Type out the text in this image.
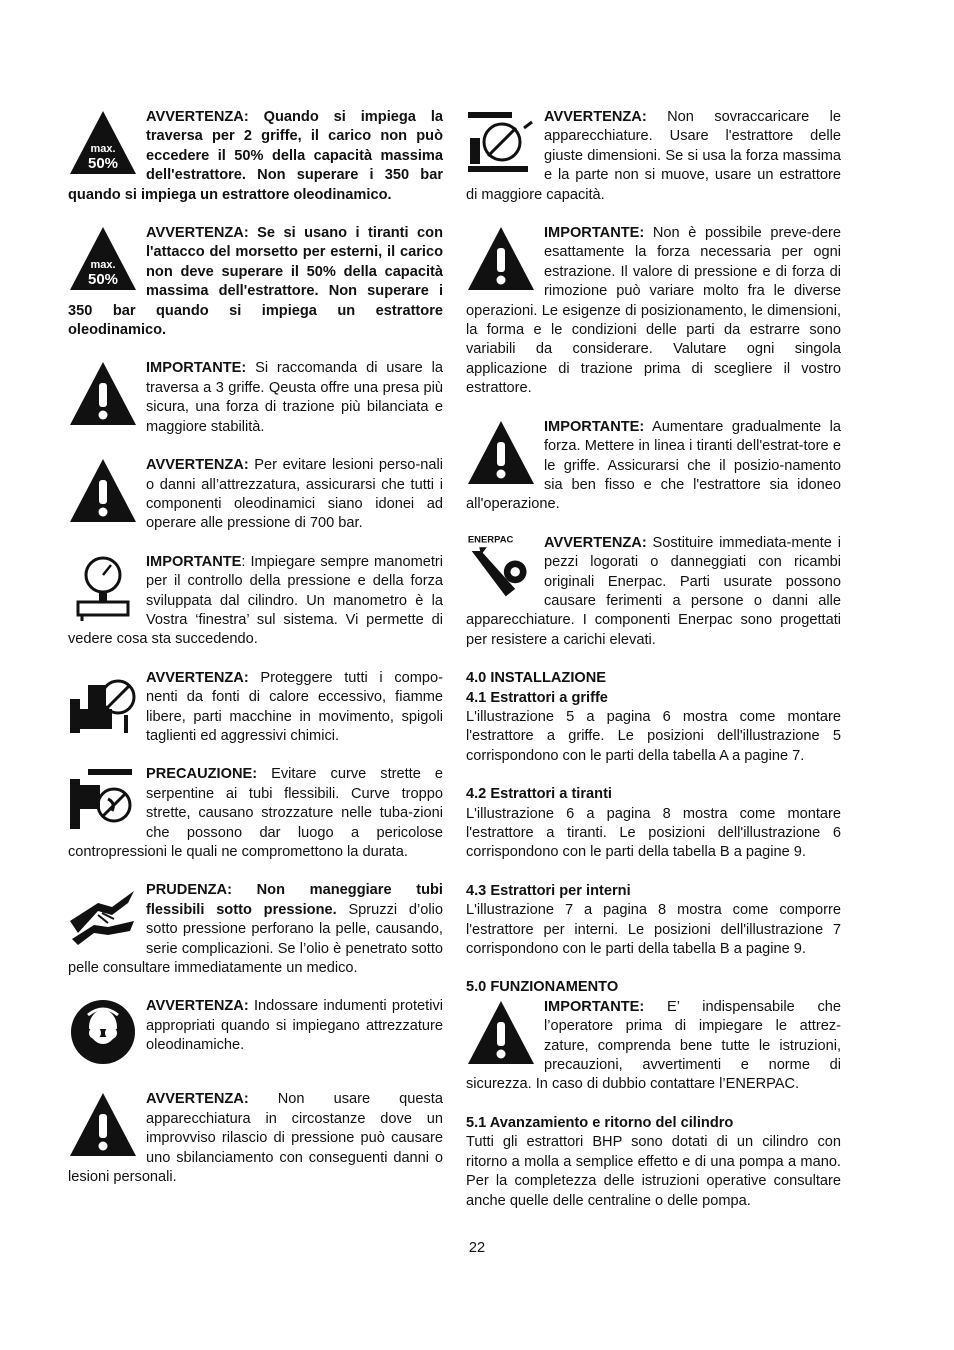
max.
50%
AVVERTENZA: Quando si impiega la traversa per 2 griffe, il carico non può eccedere il 50% della capacità massima dell'estrattore. Non superare i 350 bar quando si impiega un estrattore oleodinamico.
max.
50%
AVVERTENZA: Se si usano i tiranti con l'attacco del morsetto per esterni, il carico non deve superare il 50% della capacità massima dell'estrattore. Non superare i 350 bar quando si impiega un estrattore oleodinamico.
IMPORTANTE: Si raccomanda di usare la traversa a 3 griffe. Qeusta offre una presa più sicura, una forza di trazione più bilanciata e maggiore stabilità.
AVVERTENZA: Per evitare lesioni perso-nali o danni all’attrezzatura, assicurarsi che tutti i componenti oleodinamici siano idonei ad operare alle pressione di 700 bar.
IMPORTANTE: Impiegare sempre manometri per il controllo della pressione e della forza sviluppata dal cilindro. Un manometro è la Vostra ‘finestra’ sul sistema. Vi permette di vedere cosa sta succedendo.
AVVERTENZA: Proteggere tutti i compo-nenti da fonti di calore eccessivo, fiamme libere, parti macchine in movimento, spigoli taglienti ed aggressivi chimici.
PRECAUZIONE: Evitare curve strette e serpentine ai tubi flessibili. Curve troppo strette, causano strozzature nelle tuba-zioni che possono dar luogo a pericolose contropressioni le quali ne compromettono la durata.
PRUDENZA: Non maneggiare tubi flessibili sotto pressione. Spruzzi d’olio sotto pressione perforano la pelle, causando, serie complicazioni. Se l’olio è penetrato sotto pelle consultare immediatamente un medico.
AVVERTENZA: Indossare indumenti protetivi appropriati quando si impiegano attrezzature oleodinamiche.
AVVERTENZA: Non usare questa apparecchiatura in circostanze dove un improvviso rilascio di pressione può causare uno sbilanciamento con conseguenti danni o lesioni personali.
AVVERTENZA: Non sovraccaricare le apparecchiature. Usare l'estrattore delle giuste dimensioni. Se si usa la forza massima e la parte non si muove, usare un estrattore di maggiore capacità.
IMPORTANTE: Non è possibile preve-dere esattamente la forza necessaria per ogni estrazione. Il valore di pressione e di forza di rimozione può variare molto fra le diverse operazioni. Le esigenze di posizionamento, le dimensioni, la forma e le condizioni delle parti da estrarre sono variabili da considerare. Valutare ogni singola applicazione di trazione prima di scegliere il vostro estrattore.
IMPORTANTE: Aumentare gradualmente la forza. Mettere in linea i tiranti dell'estrat-tore e le griffe. Assicurarsi che il posizio-namento sia ben fisso e che l'estrattore sia idoneo all'operazione.
ENERPAC AVVERTENZA: Sostituire immediata-mente i pezzi logorati o danneggiati con ricambi originali Enerpac. Parti usurate possono causare ferimenti a persone o danni alle apparecchiature. I componenti Enerpac sono progettati per resistere a carichi elevati.
4.0 INSTALLAZIONE
4.1 Estrattori a griffe
L'illustrazione 5 a pagina 6 mostra come montare l'estrattore a griffe. Le posizioni dell'illustrazione 5 corrispondono con le parti della tabella A a pagine 7.
4.2 Estrattori a tiranti
L'illustrazione 6 a pagina 8 mostra come montare l'estrattore a tiranti. Le posizioni dell'illustrazione 6 corrispondono con le parti della tabella B a pagine 9.
4.3 Estrattori per interni
L'illustrazione 7 a pagina 8 mostra come comporre l'estrattore per interni. Le posizioni dell'illustrazione 7 corrispondono con le parti della tabella B a pagine 9.
5.0 FUNZIONAMENTO
IMPORTANTE: E’ indispensabile che l’operatore prima di impiegare le attrez-zature, comprenda bene tutte le istruzioni, precauzioni, avvertimenti e norme di sicurezza. In caso di dubbio contattare l’ENERPAC.
5.1 Avanzamiento e ritorno del cilindro
Tutti gli estrattori BHP sono dotati di un cilindro con ritorno a molla a semplice effetto e di una pompa a mano. Per la completezza delle istruzioni operative consultare anche quelle delle centraline o delle pompa.
22
